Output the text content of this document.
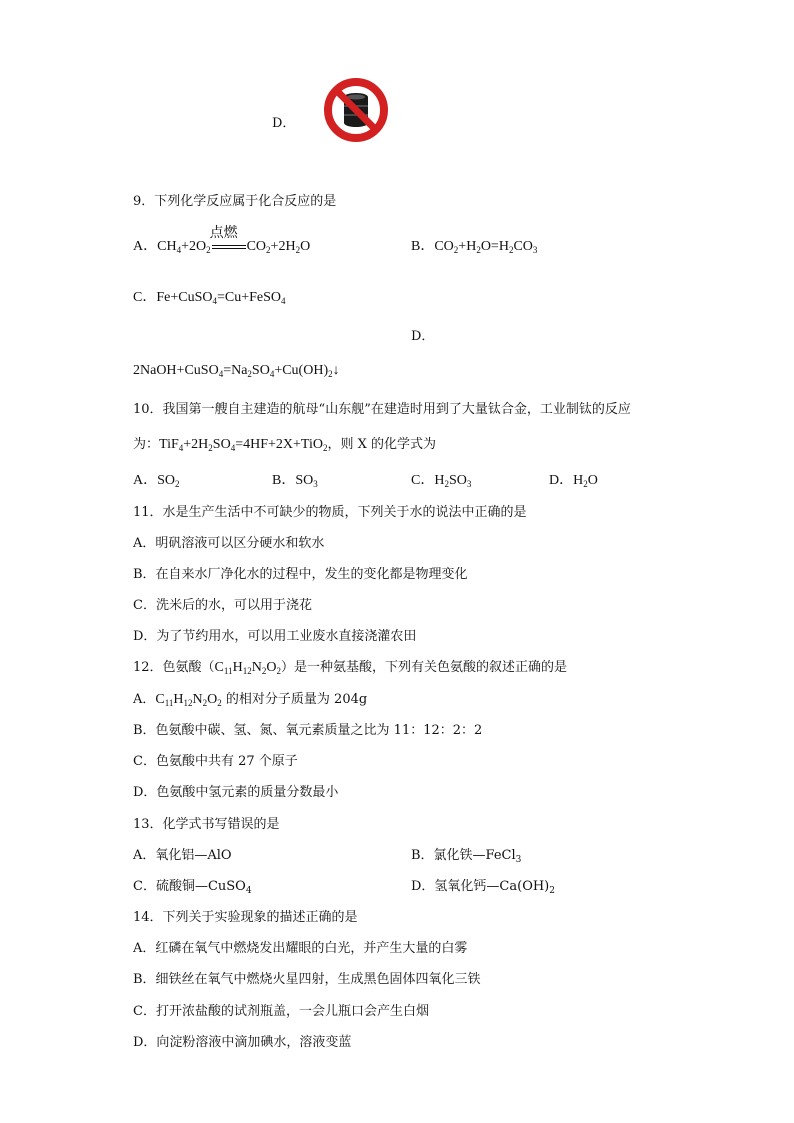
D．
9．下列化学反应属于化合反应的是
A．$CH_4+2O_2$
点燃
$CO_2+2H_2O$	B．$CO_2+H_2O=H_2CO_3$
C．Fe+CuSO$_4$=Cu+FeSO$_4$
D．
$2NaOH+CuSO_4=Na_2SO_4+Cu(OH)_2↓$
10．我国第一艘自主建造的航母“山东舰”在建造时用到了大量钛合金，工业制钛的反应
为：$TiF_4+2H_2SO_4=4HF+2X+TiO_2$，则 X 的化学式为
A．$SO_2$	B．$SO_3$	C．$H_2SO_3$	D．$H_2O$
11．水是生产生活中不可缺少的物质，下列关于水的说法中正确的是
A．明矾溶液可以区分硬水和软水
B．在自来水厂净化水的过程中，发生的变化都是物理变化
C．洗米后的水，可以用于浇花
D．为了节约用水，可以用工业废水直接浇灌农田
12．色氨酸$(C_{11}H_{12}N_2O_2)$是一种氨基酸，下列有关色氨酸的叙述正确的是
A．$C_{11}H_{12}N_2O_2$ 的相对分子质量为 204g
B．色氨酸中碳、氢、氮、氧元素质量之比为 11：12：2：2
C．色氨酸中共有 27 个原子
D．色氨酸中氢元素的质量分数最小
13．化学式书写错误的是
A．氧化铝—AlO	B．氯化铁—FeCl$_3$
C．硫酸铜—CuSO$_4$	D．氢氧化钙$—Ca(OH)_2$
14．下列关于实验现象的描述正确的是
A．红磷在氧气中燃烧发出耀眼的白光，并产生大量的白雾
B．细铁丝在氧气中燃烧火星四射，生成黑色固体四氧化三铁
C．打开浓盐酸的试剂瓶盖，一会儿瓶口会产生白烟
D．向淀粉溶液中滴加碘水，溶液变蓝
